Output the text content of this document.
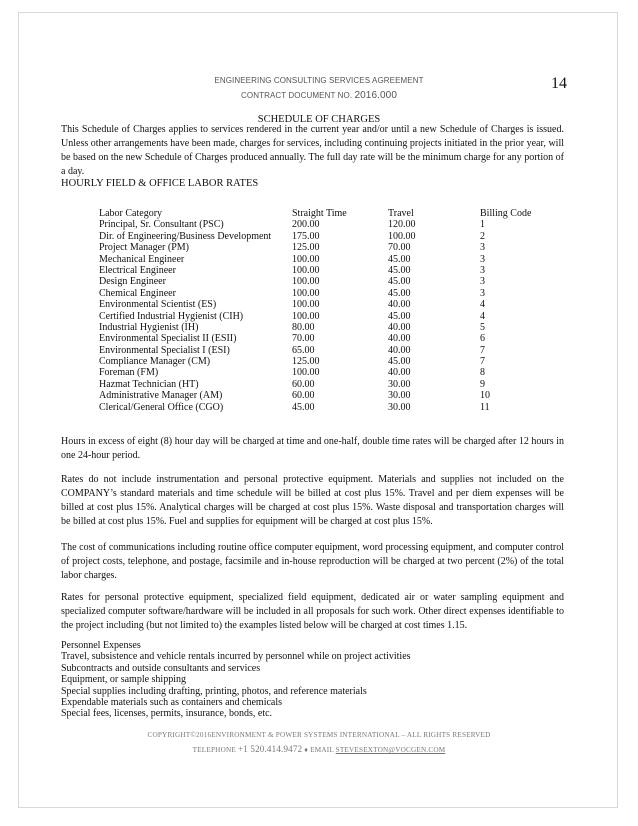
ENGINEERING CONSULTING SERVICES AGREEMENT
CONTRACT DOCUMENT NO. 2016.000
14
SCHEDULE OF CHARGES
This Schedule of Charges applies to services rendered in the current year and/or until a new Schedule of Charges is issued. Unless other arrangements have been made, charges for services, including continuing projects initiated in the prior year, will be based on the new Schedule of Charges produced annually. The full day rate will be the minimum charge for any portion of a day.
HOURLY FIELD & OFFICE LABOR RATES
Labor Category	Straight Time	Travel	Billing Code
Principal, Sr. Consultant (PSC)	200.00	120.00	1
Dir. of Engineering/Business Development 175.00	100.00	2
Project Manager (PM)	125.00	70.00	3
Mechanical Engineer	100.00	45.00	3
Electrical Engineer	100.00	45.00	3
Design Engineer	100.00	45.00	3
Chemical Engineer	100.00	45.00	3
Environmental Scientist (ES)	100.00	40.00	4
Certified Industrial Hygienist (CIH)	100.00	45.00	4
Industrial Hygienist (IH)	80.00	40.00	5
Environmental Specialist II (ESII)	70.00	40.00	6
Environmental Specialist I (ESI)	65.00	40.00	7
Compliance Manager (CM)	125.00	45.00	7
Foreman (FM)	100.00	40.00	8
Hazmat Technician (HT)	60.00	30.00	9
Administrative Manager (AM)	60.00	30.00	10
Clerical/General Office (CGO)	45.00	30.00	11
Hours in excess of eight (8) hour day will be charged at time and one-half, double time rates will be charged after 12 hours in one 24-hour period.
Rates do not include instrumentation and personal protective equipment. Materials and supplies not included on the COMPANY’s standard materials and time schedule will be billed at cost plus 15%. Travel and per diem expenses will be billed at cost plus 15%. Analytical charges will be charged at cost plus 15%. Waste disposal and transportation charges will be billed at cost plus 15%. Fuel and supplies for equipment will be charged at cost plus 15%.
The cost of communications including routine office computer equipment, word processing equipment, and computer control of project costs, telephone, and postage, facsimile and in-house reproduction will be charged at two percent (2%) of the total labor charges.
Rates for personal protective equipment, specialized field equipment, dedicated air or water sampling equipment and specialized computer software/hardware will be included in all proposals for such work. Other direct expenses identifiable to the project including (but not limited to) the examples listed below will be charged at cost times 1.15.
Personnel Expenses
Travel, subsistence and vehicle rentals incurred by personnel while on project activities
Subcontracts and outside consultants and services
Equipment, or sample shipping
Special supplies including drafting, printing, photos, and reference materials
Expendable materials such as containers and chemicals
Special fees, licenses, permits, insurance, bonds, etc.
COPYRIGHT©2016ENVIRONMENT & POWER SYSTEMS INTERNATIONAL – ALL RIGHTS RESERVED
TELEPHONE +1 520.414.9472 ♦ EMAIL STEVESEXTON@VOCGEN.COM
